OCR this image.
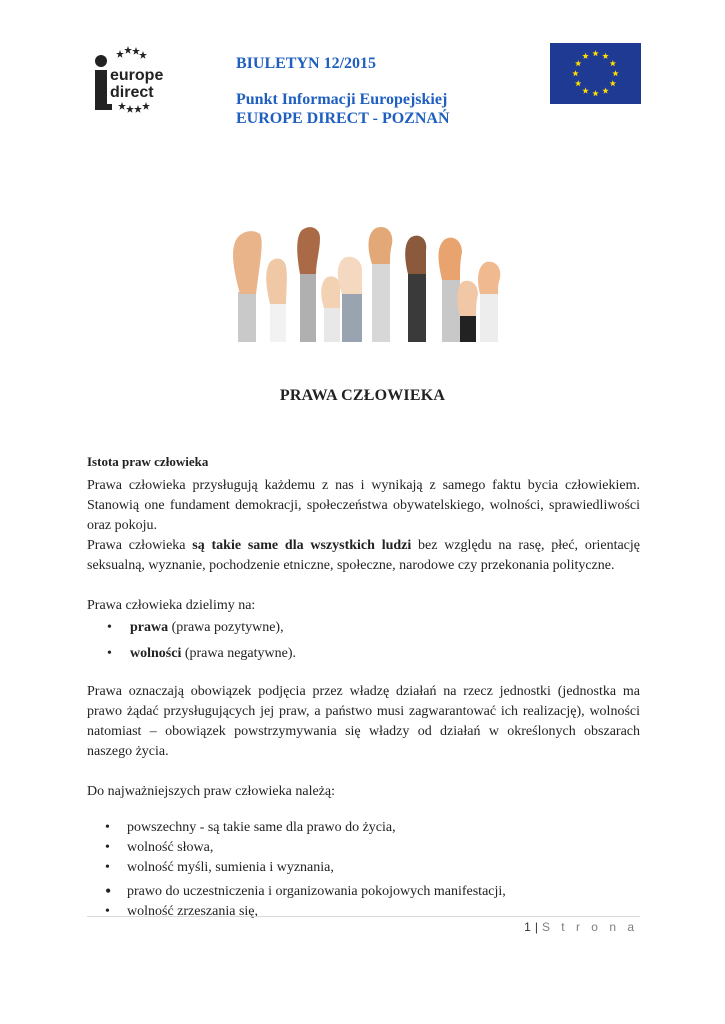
europe
direct
BIULETYN 12/2015
Punkt Informacji Europejskiej
EUROPE DIRECT - POZNAŃ
PRAWA CZŁOWIEKA

Istota praw człowieka

Prawa człowieka przysługują każdemu z nas i wynikają z samego faktu bycia człowiekiem. Stanowią one fundament demokracji, społeczeństwa obywatelskiego, wolności, sprawiedliwości oraz pokoju.

Prawa człowieka są takie same dla wszystkich ludzi bez względu na rasę, płeć, orientację seksualną, wyznanie, pochodzenie etniczne, społeczne, narodowe czy przekonania polityczne.

Prawa człowieka dzielimy na:

• prawa (prawa pozytywne),
• wolności (prawa negatywne).

Prawa oznaczają obowiązek podjęcia przez władzę działań na rzecz jednostki (jednostka ma prawo żądać przysługujących jej praw, a państwo musi zagwarantować ich realizację), wolności natomiast – obowiązek powstrzymywania się władzy od działań w określonych obszarach naszego życia.

Do najważniejszych praw człowieka należą:

• powszechny - są takie same dla prawo do życia,
• wolność słowa,
• wolność myśli, sumienia i wyznania,
• prawo do uczestniczenia i organizowania pokojowych manifestacji,
• wolność zrzeszania się,
1 | S t r o n a
